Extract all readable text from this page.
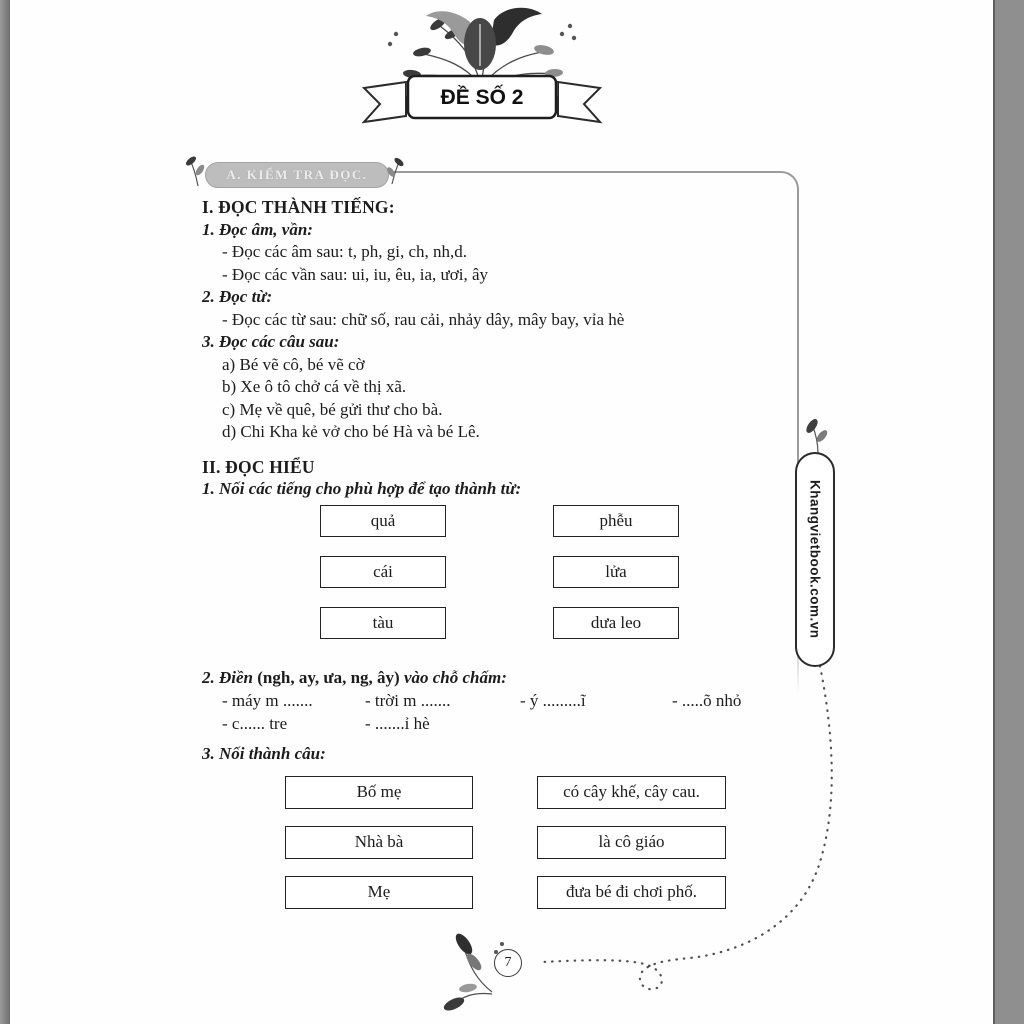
ĐỀ SỐ 2
A. KIỂM TRA ĐỌC.

I. ĐỌC THÀNH TIẾNG:

1. Đọc âm, vần:

- Đọc các âm sau: t, ph, gi, ch, nh,d.

- Đọc các vần sau: ui, iu, êu, ia, ươi, ây

2. Đọc từ:

- Đọc các từ sau: chữ số, rau cải, nhảy dây, mây bay, vỉa hè

3. Đọc các câu sau:

a) Bé vẽ cô, bé vẽ cờ

b) Xe ô tô chở cá về thị xã.

c) Mẹ về quê, bé gửi thư cho bà.

d) Chi Kha kẻ vở cho bé Hà và bé Lê.

II. ĐỌC HIỂU

1. Nối các tiếng cho phù hợp để tạo thành từ:

quả	phễu
cái	lửa
tàu	dưa leo

2. Điền (ngh, ay, ưa, ng, ây) vào chỗ chấm:

- máy m .......	- trời m .......	- ý .........ĩ	- .....õ nhỏ
- c...... tre	- .......ỉ hè

3. Nối thành câu:

Bố mẹ	có cây khế, cây cau.
Nhà bà	là cô giáo
Mẹ	đưa bé đi chơi phố.
Khangvietbook.com.vn
7
